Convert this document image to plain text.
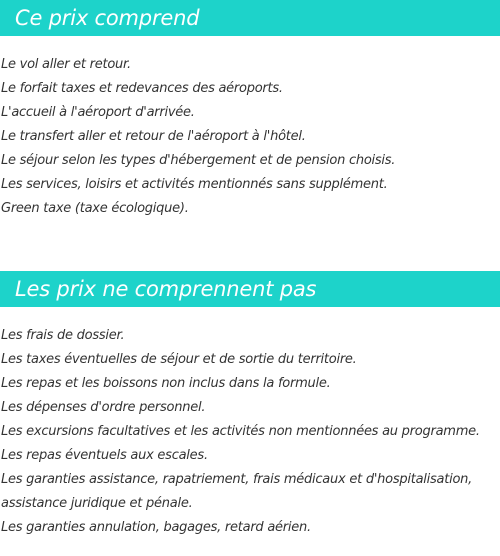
Ce prix comprend
Le vol aller et retour.
Le forfait taxes et redevances des aéroports.
L'accueil à l'aéroport d'arrivée.
Le transfert aller et retour de l'aéroport à l'hôtel.
Le séjour selon les types d'hébergement et de pension choisis.
Les services, loisirs et activités mentionnés sans supplément.
Green taxe (taxe écologique).
Les prix ne comprennent pas
Les frais de dossier.
Les taxes éventuelles de séjour et de sortie du territoire.
Les repas et les boissons non inclus dans la formule.
Les dépenses d'ordre personnel.
Les excursions facultatives et les activités non mentionnées au programme.
Les repas éventuels aux escales.
Les garanties assistance, rapatriement, frais médicaux et d'hospitalisation,
assistance juridique et pénale.
Les garanties annulation, bagages, retard aérien.
